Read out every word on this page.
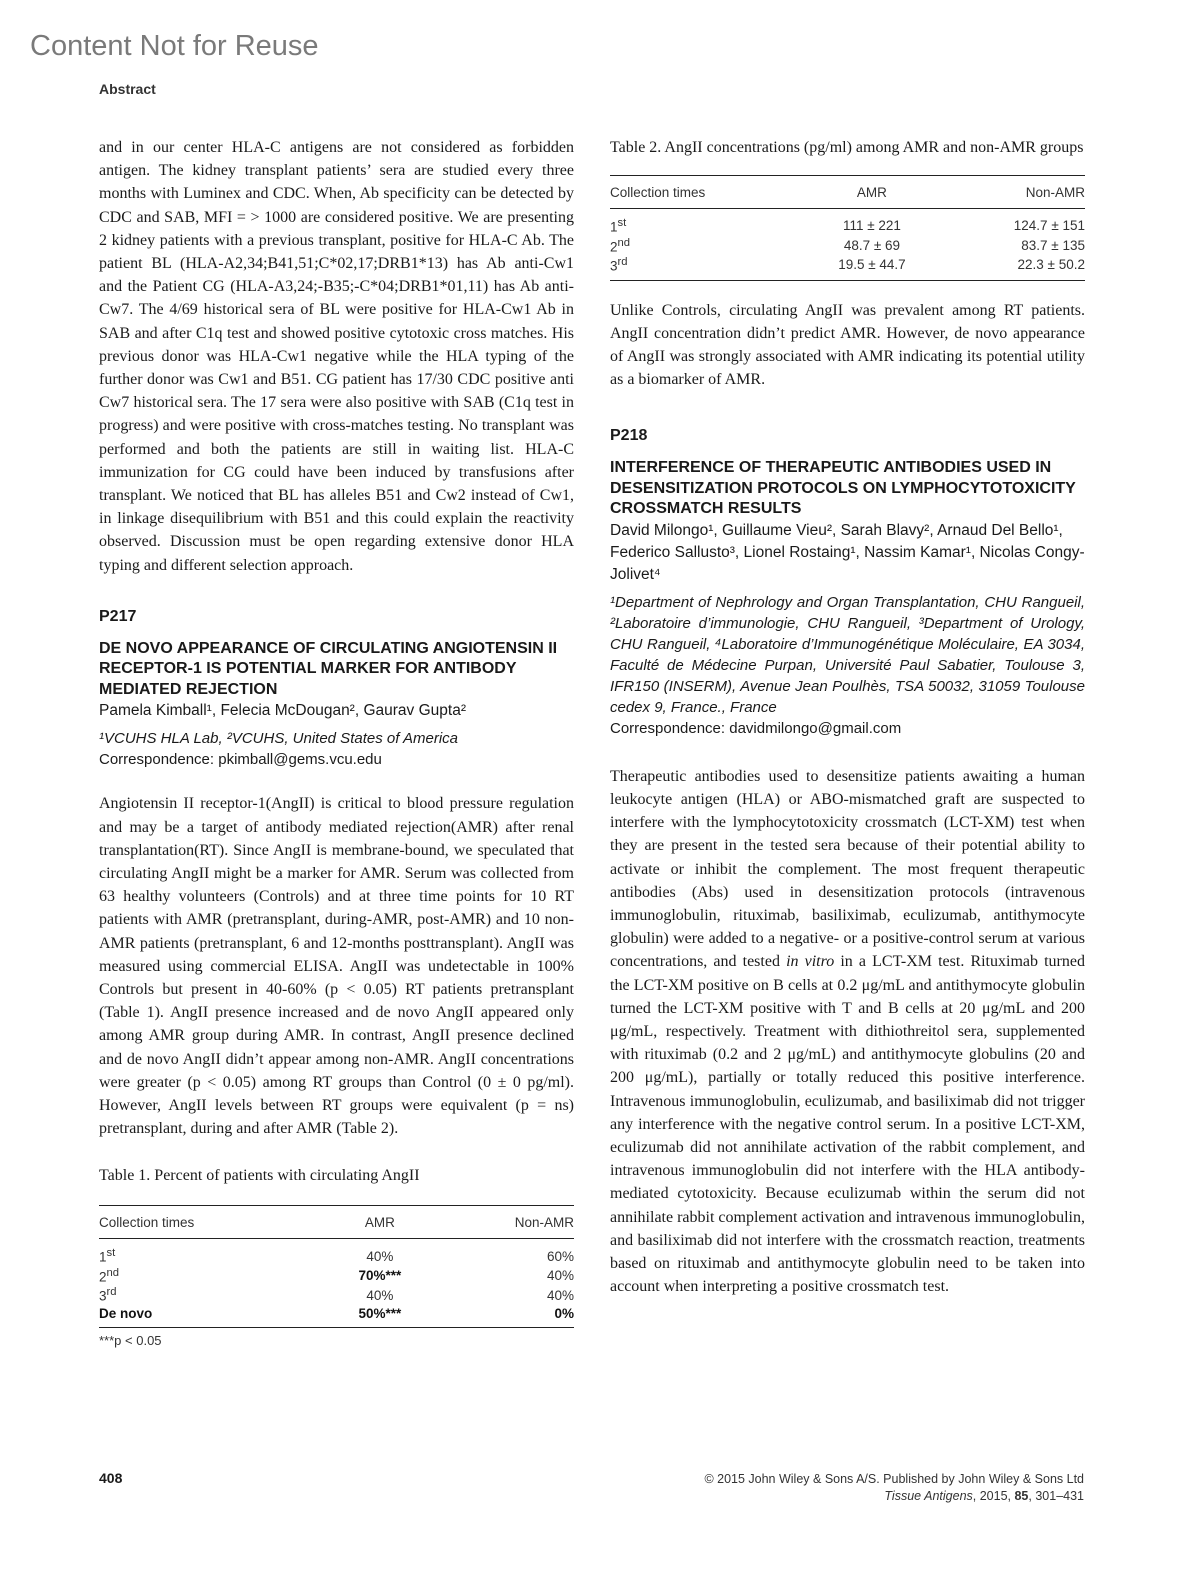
Content Not for Reuse
Abstract

and in our center HLA-C antigens are not considered as forbidden antigen. The kidney transplant patients’ sera are studied every three months with Luminex and CDC. When, Ab specificity can be detected by CDC and SAB, MFI = > 1000 are considered positive. We are presenting 2 kidney patients with a previous transplant, positive for HLA-C Ab. The patient BL (HLA-A2,34;B41,51;C*02,17;DRB1*13) has Ab anti-Cw1 and the Patient CG (HLA-A3,24;-B35;-C*04;DRB1*01,11) has Ab anti-Cw7. The 4/69 historical sera of BL were positive for HLA-Cw1 Ab in SAB and after C1q test and showed positive cytotoxic cross matches. His previous donor was HLA-Cw1 negative while the HLA typing of the further donor was Cw1 and B51. CG patient has 17/30 CDC positive anti Cw7 historical sera. The 17 sera were also positive with SAB (C1q test in progress) and were positive with cross-matches testing. No transplant was performed and both the patients are still in waiting list. HLA-C immunization for CG could have been induced by transfusions after transplant. We noticed that BL has alleles B51 and Cw2 instead of Cw1, in linkage disequilibrium with B51 and this could explain the reactivity observed. Discussion must be open regarding extensive donor HLA typing and different selection approach.

P217

DE NOVO APPEARANCE OF CIRCULATING ANGIOTENSIN II RECEPTOR-1 IS POTENTIAL MARKER FOR ANTIBODY MEDIATED REJECTION

Pamela Kimball¹, Felecia McDougan², Gaurav Gupta²

¹VCUHS HLA Lab, ²VCUHS, United States of America
Correspondence: pkimball@gems.vcu.edu

Angiotensin II receptor-1(AngII) is critical to blood pressure regulation and may be a target of antibody mediated rejection(AMR) after renal transplantation(RT). Since AngII is membrane-bound, we speculated that circulating AngII might be a marker for AMR. Serum was collected from 63 healthy volunteers (Controls) and at three time points for 10 RT patients with AMR (pretransplant, during-AMR, post-AMR) and 10 non-AMR patients (pretransplant, 6 and 12-months posttransplant). AngII was measured using commercial ELISA. AngII was undetectable in 100% Controls but present in 40-60% (p < 0.05) RT patients pretransplant (Table 1). AngII presence increased and de novo AngII appeared only among AMR group during AMR. In contrast, AngII presence declined and de novo AngII didn’t appear among non-AMR. AngII concentrations were greater (p < 0.05) among RT groups than Control (0 ± 0 pg/ml). However, AngII levels between RT groups were equivalent (p = ns) pretransplant, during and after AMR (Table 2).

Table 1. Percent of patients with circulating AngII

Collection times	AMR	Non-AMR
1st	40%	60%
2nd	70%***	40%
3rd	40%	40%
De novo	50%***	0%

***p < 0.05

Table 2. AngII concentrations (pg/ml) among AMR and non-AMR groups

Collection times	AMR	Non-AMR
1st	111 ± 221	124.7 ± 151
2nd	48.7 ± 69	83.7 ± 135
3rd	19.5 ± 44.7	22.3 ± 50.2

Unlike Controls, circulating AngII was prevalent among RT patients. AngII concentration didn’t predict AMR. However, de novo appearance of AngII was strongly associated with AMR indicating its potential utility as a biomarker of AMR.

P218

INTERFERENCE OF THERAPEUTIC ANTIBODIES USED IN DESENSITIZATION PROTOCOLS ON LYMPHOCYTOTOXICITY CROSSMATCH RESULTS

David Milongo¹, Guillaume Vieu², Sarah Blavy², Arnaud Del Bello¹, Federico Sallusto³, Lionel Rostaing¹, Nassim Kamar¹, Nicolas Congy-Jolivet⁴

¹Department of Nephrology and Organ Transplantation, CHU Rangueil, ²Laboratoire d’immunologie, CHU Rangueil, ³Department of Urology, CHU Rangueil, ⁴Laboratoire d’Immunogénétique Moléculaire, EA 3034, Faculté de Médecine Purpan, Université Paul Sabatier, Toulouse 3, IFR150 (INSERM), Avenue Jean Poulhès, TSA 50032, 31059 Toulouse cedex 9, France., France
Correspondence: davidmilongo@gmail.com

Therapeutic antibodies used to desensitize patients awaiting a human leukocyte antigen (HLA) or ABO-mismatched graft are suspected to interfere with the lymphocytotoxicity crossmatch (LCT-XM) test when they are present in the tested sera because of their potential ability to activate or inhibit the complement. The most frequent therapeutic antibodies (Abs) used in desensitization protocols (intravenous immunoglobulin, rituximab, basiliximab, eculizumab, antithymocyte globulin) were added to a negative- or a positive-control serum at various concentrations, and tested in vitro in a LCT-XM test. Rituximab turned the LCT-XM positive on B cells at 0.2 μg/mL and antithymocyte globulin turned the LCT-XM positive with T and B cells at 20 μg/mL and 200 μg/mL, respectively. Treatment with dithiothreitol sera, supplemented with rituximab (0.2 and 2 μg/mL) and antithymocyte globulins (20 and 200 μg/mL), partially or totally reduced this positive interference. Intravenous immunoglobulin, eculizumab, and basiliximab did not trigger any interference with the negative control serum. In a positive LCT-XM, eculizumab did not annihilate activation of the rabbit complement, and intravenous immunoglobulin did not interfere with the HLA antibody-mediated cytotoxicity. Because eculizumab within the serum did not annihilate rabbit complement activation and intravenous immunoglobulin, and basiliximab did not interfere with the crossmatch reaction, treatments based on rituximab and antithymocyte globulin need to be taken into account when interpreting a positive crossmatch test.

408	© 2015 John Wiley & Sons A/S. Published by John Wiley & Sons Ltd
Tissue Antigens, 2015, 85, 301–431
